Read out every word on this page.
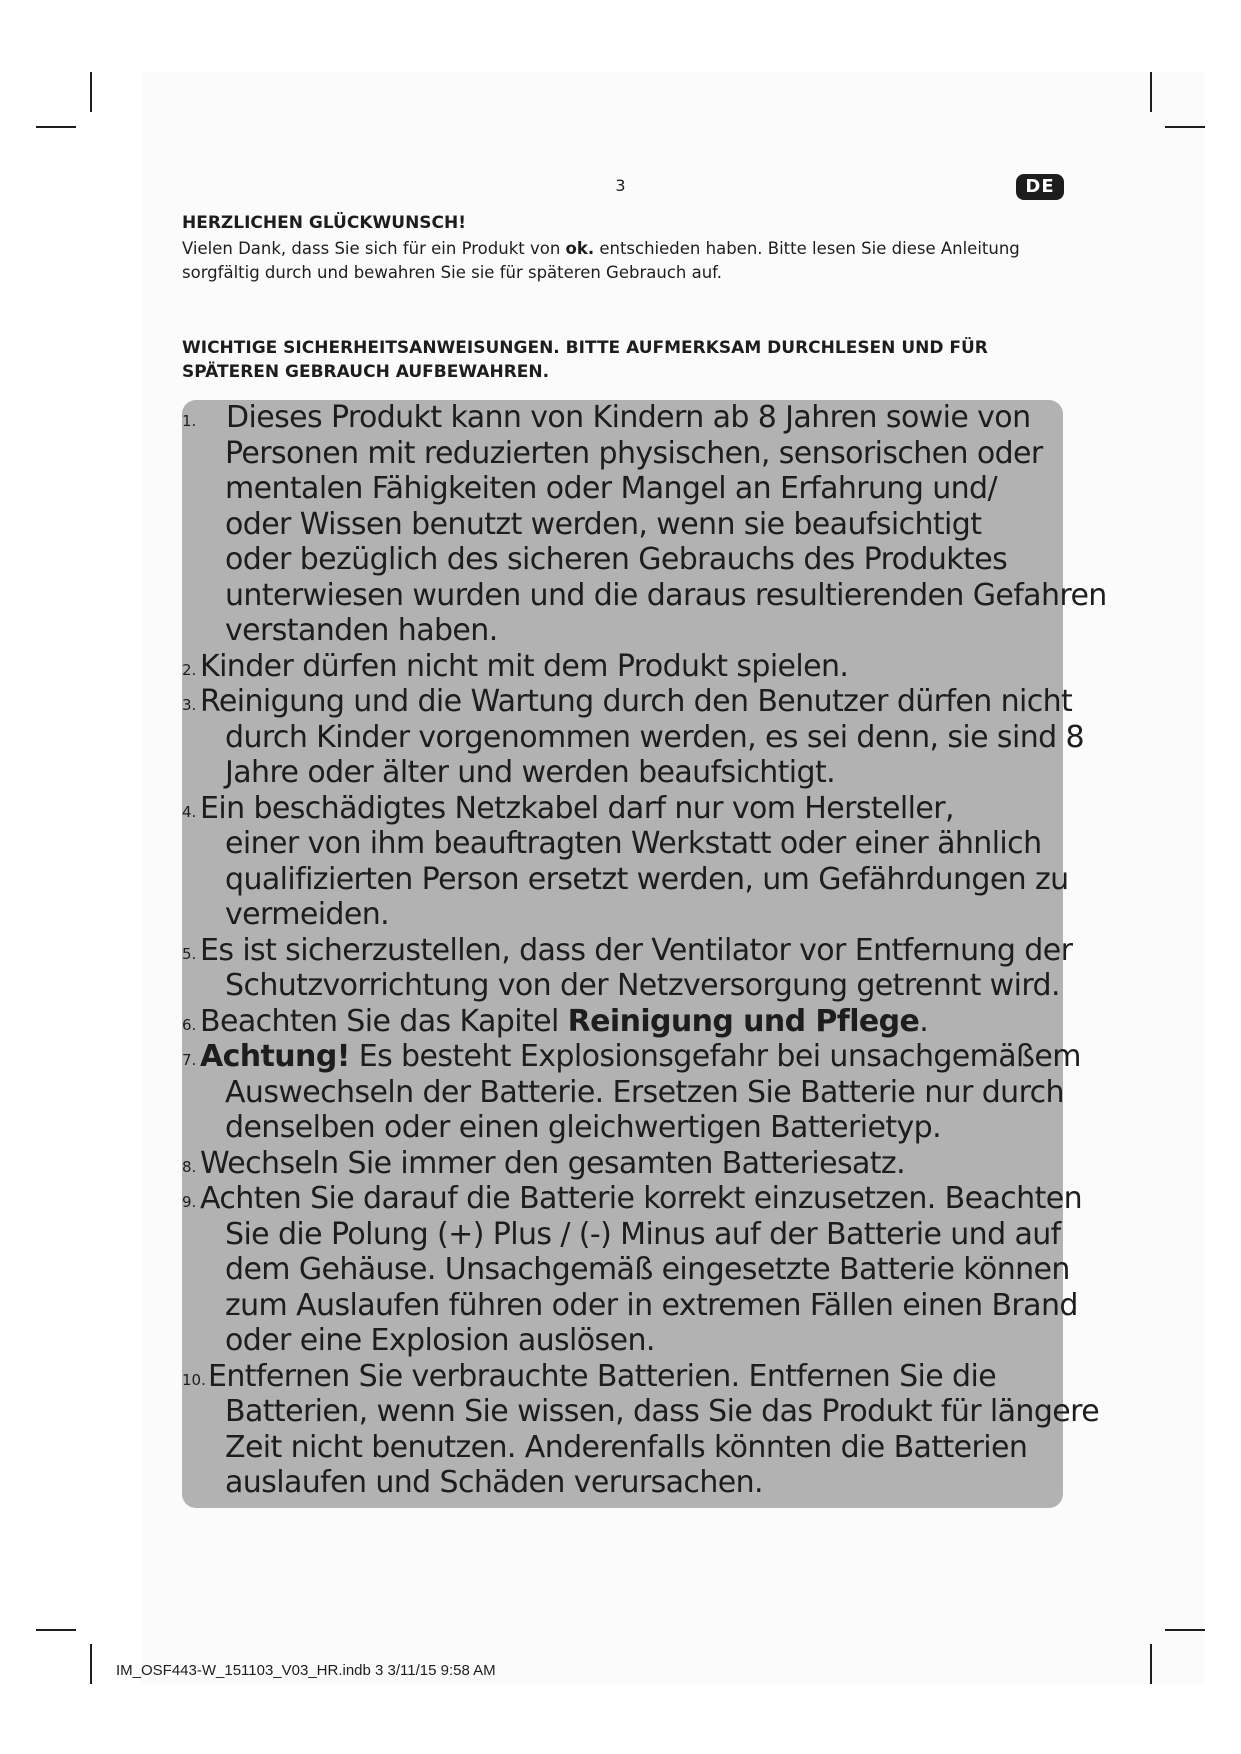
3	DE
HERZLICHEN GLÜCKWUNSCH!

Vielen Dank, dass Sie sich für ein Produkt von ok. entschieden haben. Bitte lesen Sie diese Anleitung
sorgfältig durch und bewahren Sie sie für späteren Gebrauch auf.

WICHTIGE SICHERHEITSANWEISUNGEN. BITTE AUFMERKSAM DURCHLESEN UND FÜR
SPÄTEREN GEBRAUCH AUFBEWAHREN.
1. Dieses Produkt kann von Kindern ab 8 Jahren sowie von
Personen mit reduzierten physischen, sensorischen oder
mentalen Fähigkeiten oder Mangel an Erfahrung und/
oder Wissen benutzt werden, wenn sie beaufsichtigt
oder bezüglich des sicheren Gebrauchs des Produktes
unterwiesen wurden und die daraus resultierenden Gefahren
verstanden haben.
2. Kinder dürfen nicht mit dem Produkt spielen.
3. Reinigung und die Wartung durch den Benutzer dürfen nicht
durch Kinder vorgenommen werden, es sei denn, sie sind 8
Jahre oder älter und werden beaufsichtigt.
4. Ein beschädigtes Netzkabel darf nur vom Hersteller,
einer von ihm beauftragten Werkstatt oder einer ähnlich
qualifizierten Person ersetzt werden, um Gefährdungen zu
vermeiden.
5. Es ist sicherzustellen, dass der Ventilator vor Entfernung der
Schutzvorrichtung von der Netzversorgung getrennt wird.
6. Beachten Sie das Kapitel Reinigung und Pflege.
7. Achtung! Es besteht Explosionsgefahr bei unsachgemäßem
Auswechseln der Batterie. Ersetzen Sie Batterie nur durch
denselben oder einen gleichwertigen Batterietyp.
8. Wechseln Sie immer den gesamten Batteriesatz.
9. Achten Sie darauf die Batterie korrekt einzusetzen. Beachten
Sie die Polung (+) Plus / (-) Minus auf der Batterie und auf
dem Gehäuse. Unsachgemäß eingesetzte Batterie können
zum Auslaufen führen oder in extremen Fällen einen Brand
oder eine Explosion auslösen.
10. Entfernen Sie verbrauchte Batterien. Entfernen Sie die
Batterien, wenn Sie wissen, dass Sie das Produkt für längere
Zeit nicht benutzen. Anderenfalls könnten die Batterien
auslaufen und Schäden verursachen.
IM_OSF443-W_151103_V03_HR.indb 3 3/11/15 9:58 AM
